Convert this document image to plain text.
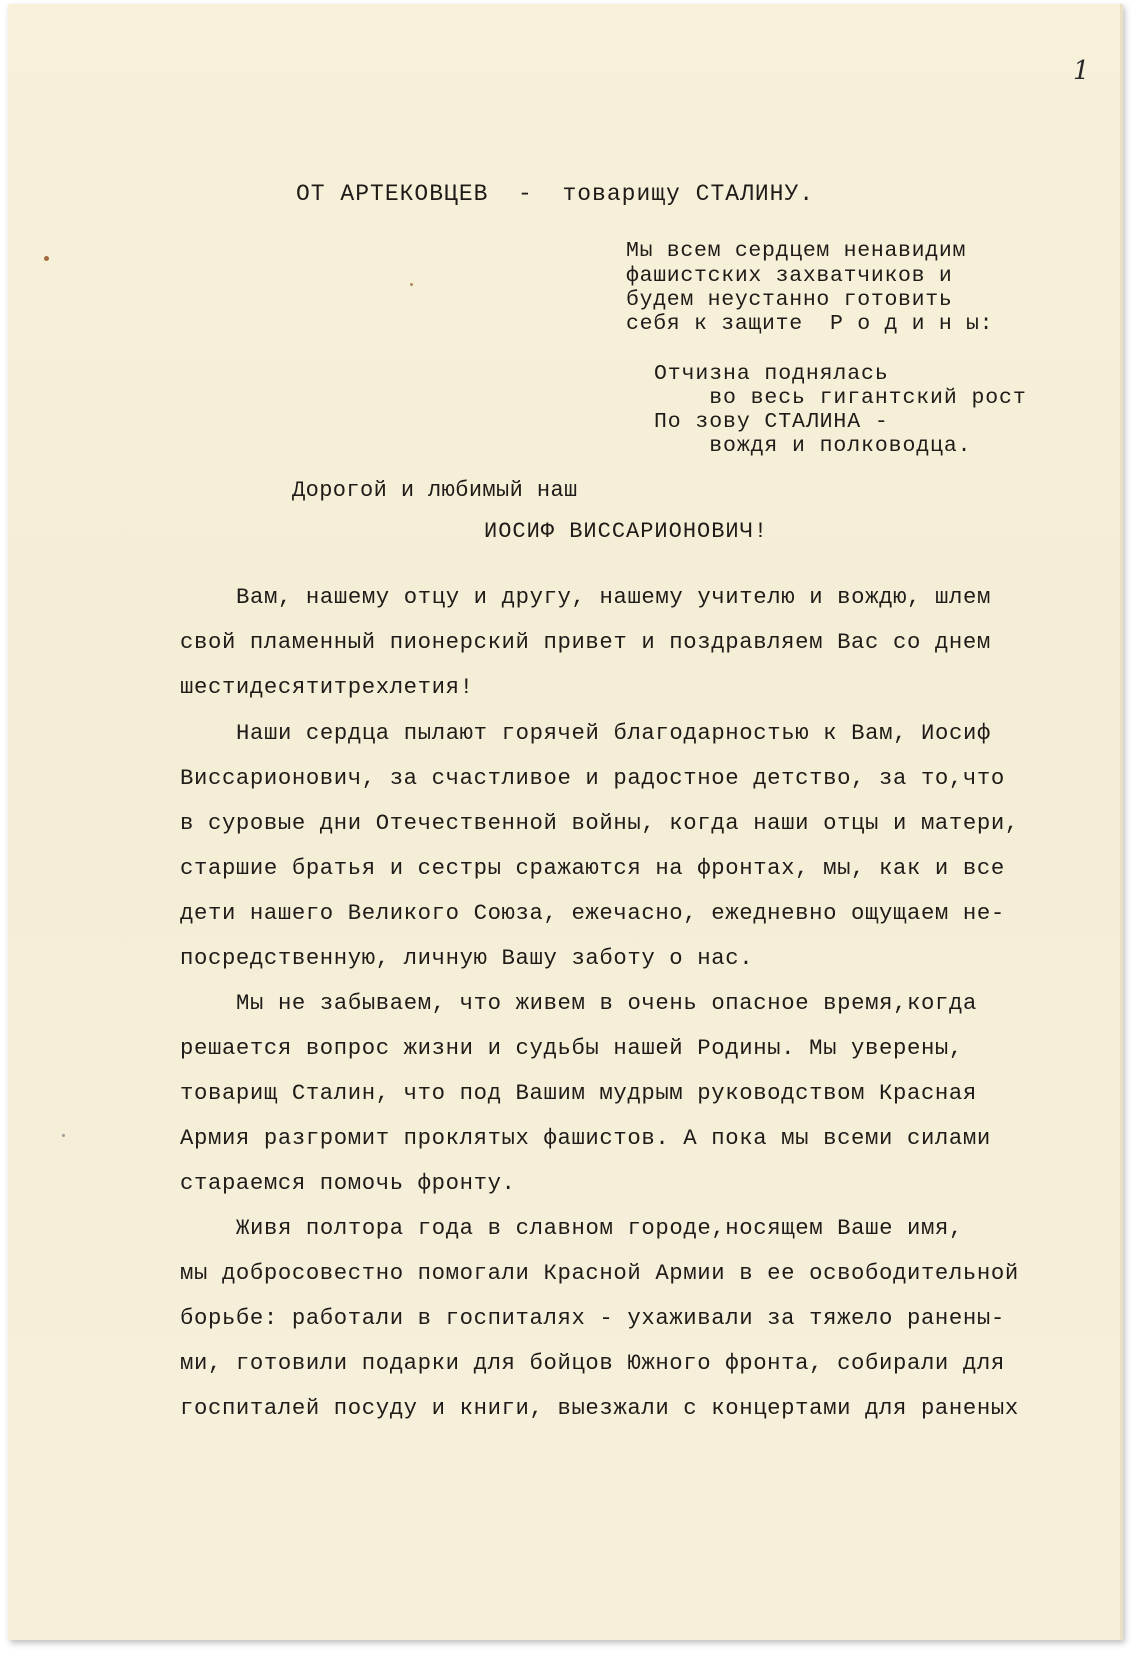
1
ОТ АРТЕКОВЦЕВ  -  товарищу СТАЛИНУ.
Мы всем сердцем ненавидим
фашистских захватчиков и
будем неустанно готовить
себя к защите  Р о д и н ы:
Отчизна поднялась
во весь гигантский рост
По зову СТАЛИНА -
вождя и полководца.
Дорогой и любимый наш
ИОСИФ ВИССАРИОНОВИЧ!
Вам, нашему отцу и другу, нашему учителю и вождю, шлем
свой пламенный пионерский привет и поздравляем Вас со днем
шестидесятитрехлетия!
Наши сердца пылают горячей благодарностью к Вам, Иосиф
Виссарионович, за счастливое и радостное детство, за то,что
в суровые дни Отечественной войны, когда наши отцы и матери,
старшие братья и сестры сражаются на фронтах, мы, как и все
дети нашего Великого Союза, ежечасно, ежедневно ощущаем не-
посредственную, личную Вашу заботу о нас.
Мы не забываем, что живем в очень опасное время,когда
решается вопрос жизни и судьбы нашей Родины. Мы уверены,
товарищ Сталин, что под Вашим мудрым руководством Красная
Армия разгромит проклятых фашистов. А пока мы всеми силами
стараемся помочь фронту.
Живя полтора года в славном городе,носящем Ваше имя,
мы добросовестно помогали Красной Армии в ее освободительной
борьбе: работали в госпиталях - ухаживали за тяжело ранены-
ми, готовили подарки для бойцов Южного фронта, собирали для
госпиталей посуду и книги, выезжали с концертами для раненых
